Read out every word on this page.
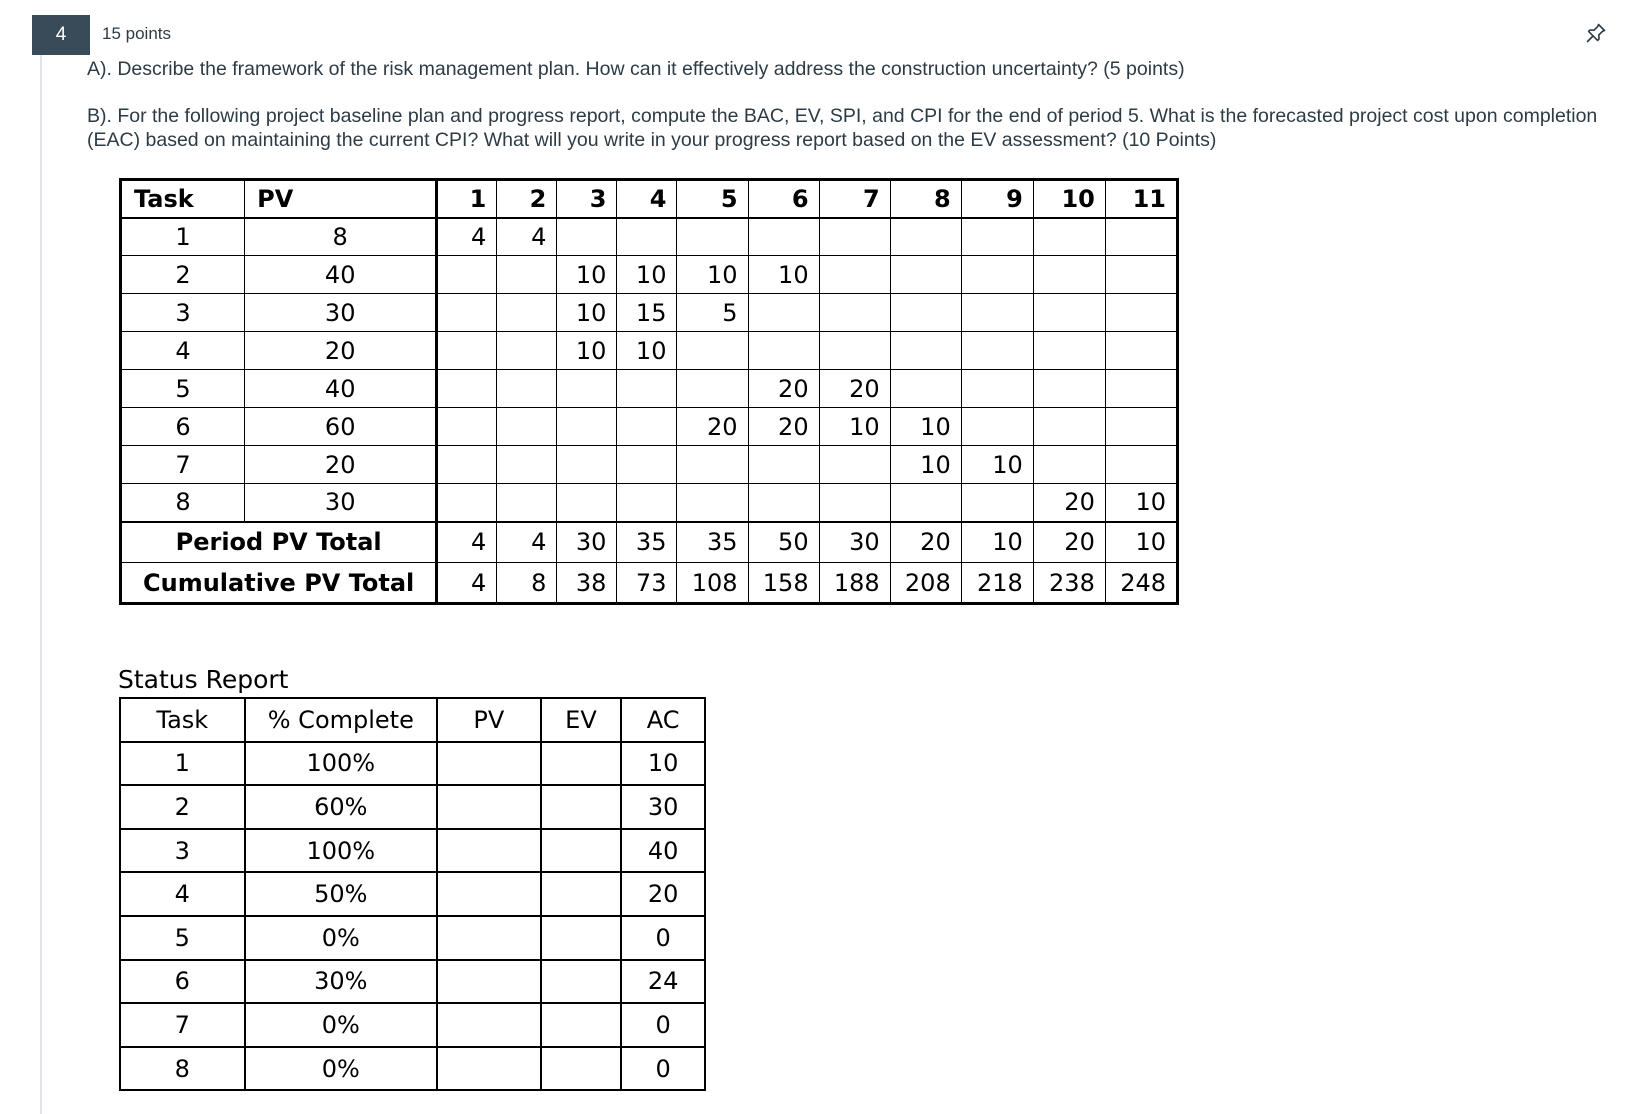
4	15 points
A). Describe the framework of the risk management plan. How can it effectively address the construction uncertainty? (5 points)
B). For the following project baseline plan and progress report, compute the BAC, EV, SPI, and CPI for the end of period 5. What is the forecasted project cost upon completion (EAC) based on maintaining the current CPI? What will you write in your progress report based on the EV assessment? (10 Points)
Task	PV	1	2	3	4	5	6	7	8	9	10	11
1	8	4	4									
2	40			10	10	10	10					
3	30			10	15	5						
4	20			10	10							
5	40						20	20				
6	60					20	20	10	10			
7	20								10	10		
8	30										20	10
Period PV Total		4	4	30	35	35	50	30	20	10	20	10
Cumulative PV Total		4	8	38	73	108	158	188	208	218	238	248
Status Report
Task	% Complete	PV	EV	AC
1	100%			10
2	60%			30
3	100%			40
4	50%			20
5	0%			0
6	30%			24
7	0%			0
8	0%			0
